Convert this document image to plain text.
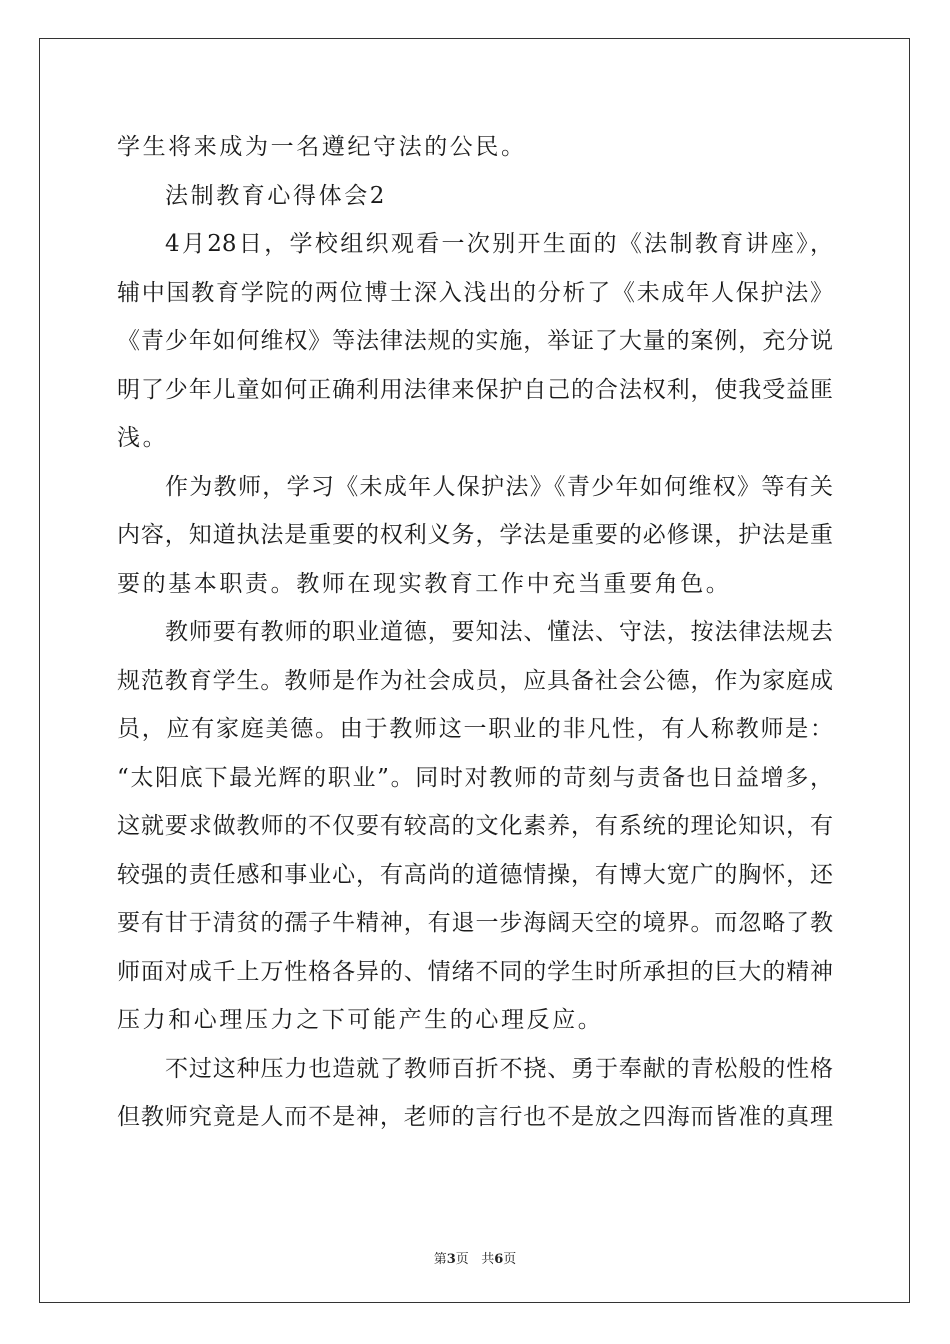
学生将来成为一名遵纪守法的公民。
法制教育心得体会2
4月28日，学校组织观看一次别开生面的《法制教育讲座》，
辅中国教育学院的两位博士深入浅出的分析了《未成年人保护法》
《青少年如何维权》等法律法规的实施，举证了大量的案例，充分说
明了少年儿童如何正确利用法律来保护自己的合法权利，使我受益匪
浅。
作为教师，学习《未成年人保护法》《青少年如何维权》等有关
内容，知道执法是重要的权利义务，学法是重要的必修课，护法是重
要的基本职责。教师在现实教育工作中充当重要角色。
教师要有教师的职业道德，要知法、懂法、守法，按法律法规去
规范教育学生。教师是作为社会成员，应具备社会公德，作为家庭成
员，应有家庭美德。由于教师这一职业的非凡性，有人称教师是：
“太阳底下最光辉的职业”。同时对教师的苛刻与责备也日益增多，
这就要求做教师的不仅要有较高的文化素养，有系统的理论知识，有
较强的责任感和事业心，有高尚的道德情操，有博大宽广的胸怀，还
要有甘于清贫的孺子牛精神，有退一步海阔天空的境界。而忽略了教
师面对成千上万性格各异的、情绪不同的学生时所承担的巨大的精神
压力和心理压力之下可能产生的心理反应。
不过这种压力也造就了教师百折不挠、勇于奉献的青松般的性格
但教师究竟是人而不是神，老师的言行也不是放之四海而皆准的真理
第3页 共6页
